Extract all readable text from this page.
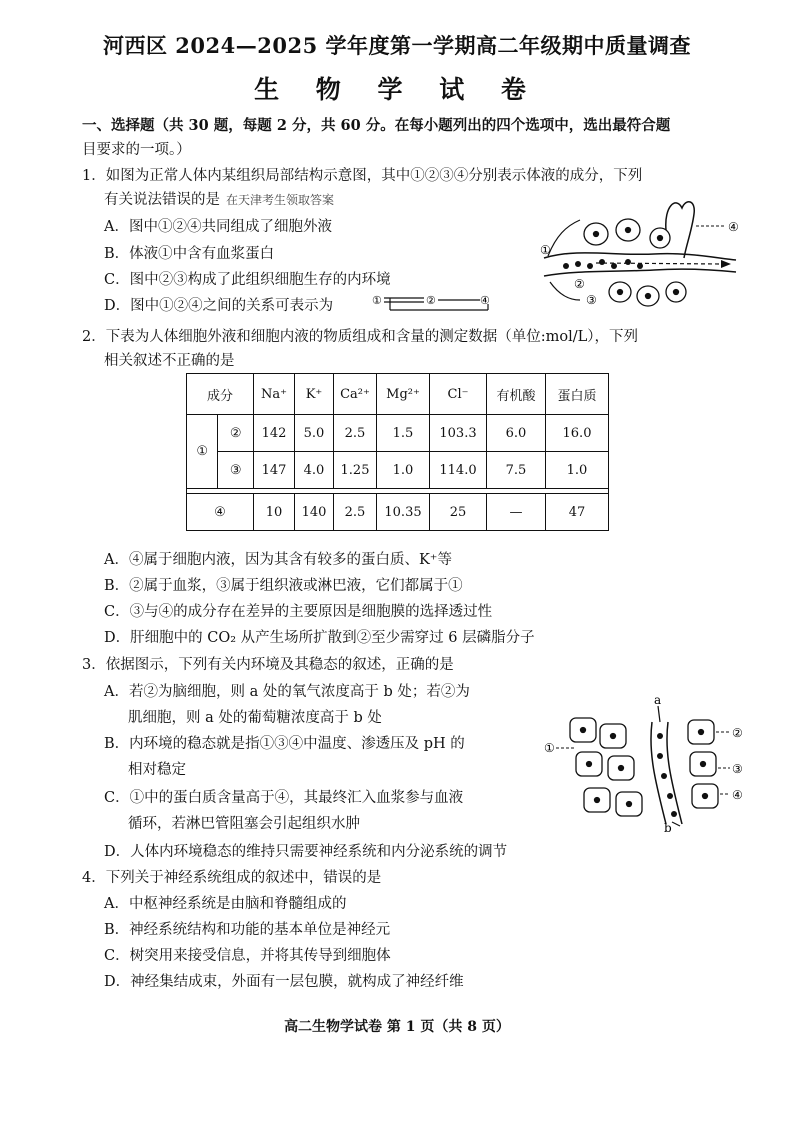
河西区 2024—2025 学年度第一学期高二年级期中质量调查
生 物 学 试 卷
一、选择题（共 30 题，每题 2 分，共 60 分。在每小题列出的四个选项中，选出最符合题
目要求的一项。）
1．如图为正常人体内某组织局部结构示意图，其中①②③④分别表示体液的成分，下列
有关说法错误的是 在天津考生领取答案
A．图中①②④共同组成了细胞外液
B．体液①中含有血浆蛋白
C．图中②③构成了此组织细胞生存的内环境
D．图中①②④之间的关系可表示为	①	②	④
①
②
③
④
2．下表为人体细胞外液和细胞内液的物质组成和含量的测定数据（单位:mol/L），下列
相关叙述不正确的是
成分		Na⁺	K⁺	Ca²⁺	Mg²⁺	Cl⁻	有机酸	蛋白质
①	②	142	5.0	2.5	1.5	103.3	6.0	16.0
	③	147	4.0	1.25	1.0	114.0	7.5	1.0

④		10	140	2.5	10.35	25	—	47
A．④属于细胞内液，因为其含有较多的蛋白质、K⁺等
B．②属于血浆，③属于组织液或淋巴液，它们都属于①
C．③与④的成分存在差异的主要原因是细胞膜的选择透过性
D．肝细胞中的 CO₂ 从产生场所扩散到②至少需穿过 6 层磷脂分子
3．依据图示，下列有关内环境及其稳态的叙述，正确的是
A．若②为脑细胞，则 a 处的氧气浓度高于 b 处；若②为
肌细胞，则 a 处的葡萄糖浓度高于 b 处
B．内环境的稳态就是指①③④中温度、渗透压及 pH 的
相对稳定
C．①中的蛋白质含量高于④，其最终汇入血浆参与血液
循环，若淋巴管阻塞会引起组织水肿
D．人体内环境稳态的维持只需要神经系统和内分泌系统的调节
a
b
①
②
③
④
4．下列关于神经系统组成的叙述中，错误的是
A．中枢神经系统是由脑和脊髓组成的
B．神经系统结构和功能的基本单位是神经元
C．树突用来接受信息，并将其传导到细胞体
D．神经集结成束，外面有一层包膜，就构成了神经纤维
高二生物学试卷 第 1 页（共 8 页）
